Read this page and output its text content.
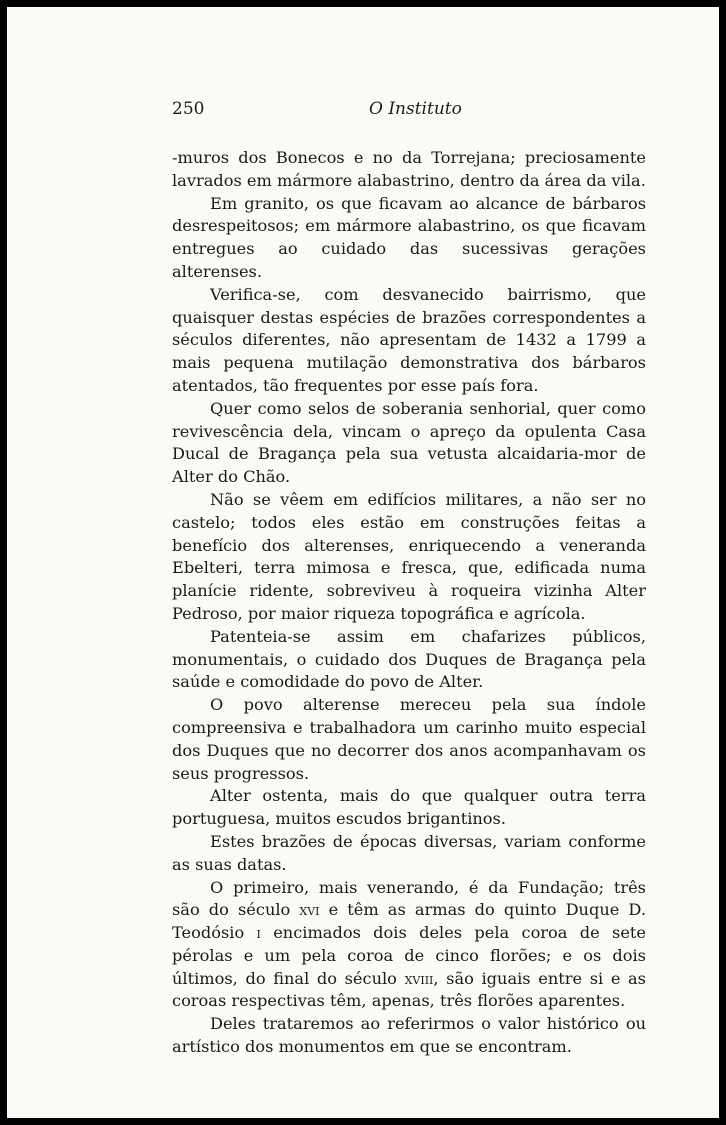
250	O Instituto

-muros dos Bonecos e no da Torrejana; preciosamente lavrados em mármore alabastrino, dentro da área da vila.

Em granito, os que ficavam ao alcance de bárbaros desrespeitosos; em mármore alabastrino, os que ficavam entregues ao cuidado das sucessivas gerações alterenses.

Verifica-se, com desvanecido bairrismo, que quaisquer destas espécies de brazões correspondentes a séculos diferentes, não apresentam de 1432 a 1799 a mais pequena mutilação demonstrativa dos bárbaros atentados, tão frequentes por esse país fora.

Quer como selos de soberania senhorial, quer como revivescência dela, vincam o apreço da opulenta Casa Ducal de Bragança pela sua vetusta alcaidaria-mor de Alter do Chão.

Não se vêem em edifícios militares, a não ser no castelo; todos eles estão em construções feitas a benefício dos alterenses, enriquecendo a veneranda Ebelteri, terra mimosa e fresca, que, edificada numa planície ridente, sobreviveu à roqueira vizinha Alter Pedroso, por maior riqueza topográfica e agrícola.

Patenteia-se assim em chafarizes públicos, monumentais, o cuidado dos Duques de Bragança pela saúde e comodidade do povo de Alter.

O povo alterense mereceu pela sua índole compreensiva e trabalhadora um carinho muito especial dos Duques que no decorrer dos anos acompanhavam os seus progressos.

Alter ostenta, mais do que qualquer outra terra portuguesa, muitos escudos brigantinos.

Estes brazões de épocas diversas, variam conforme as suas datas.

O primeiro, mais venerando, é da Fundação; três são do século xvi e têm as armas do quinto Duque D. Teodósio i encimados dois deles pela coroa de sete pérolas e um pela coroa de cinco florões; e os dois últimos, do final do século xviii, são iguais entre si e as coroas respectivas têm, apenas, três florões aparentes.

Deles trataremos ao referirmos o valor histórico ou artístico dos monumentos em que se encontram.
